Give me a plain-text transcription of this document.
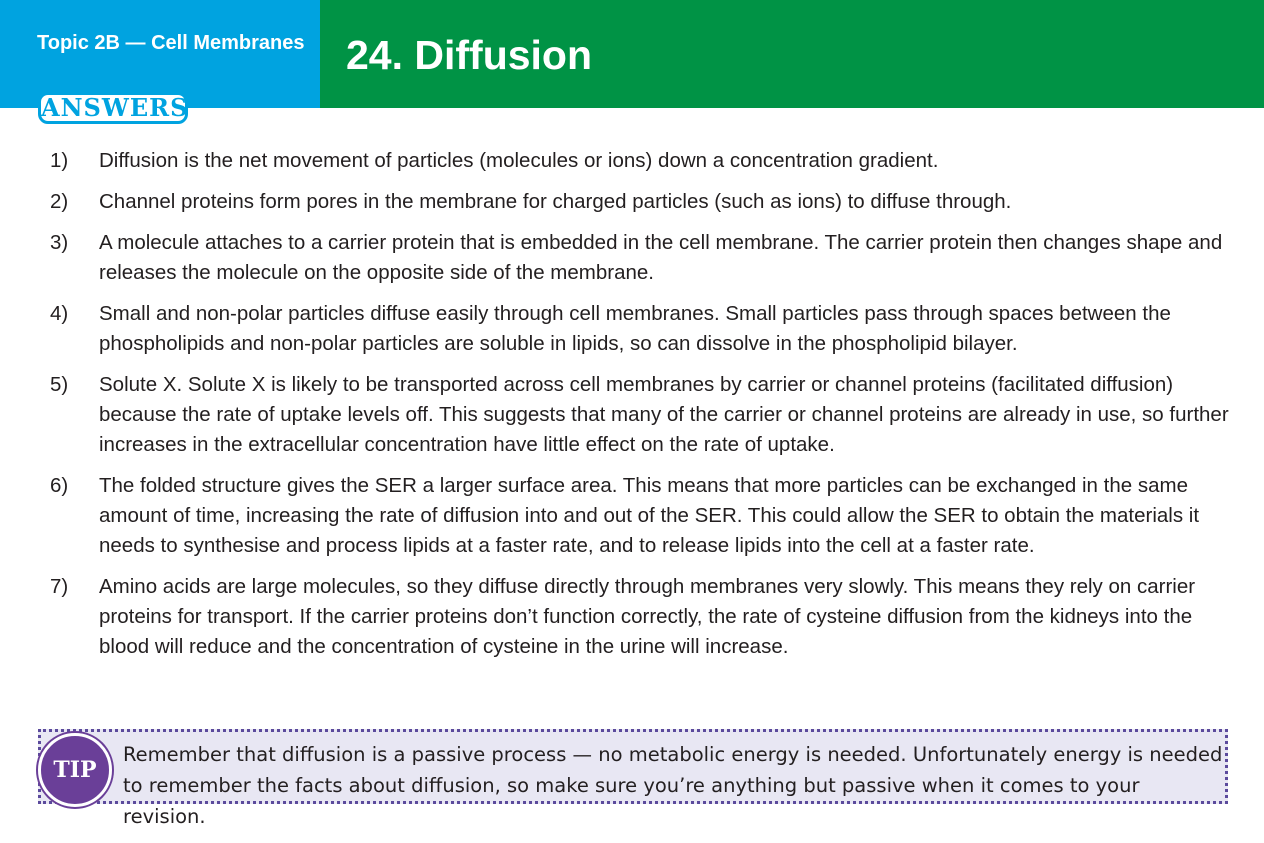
Topic 2B — Cell Membranes
ANSWERS
24. Diffusion
1)	Diffusion is the net movement of particles (molecules or ions) down a concentration gradient.
2)	Channel proteins form pores in the membrane for charged particles (such as ions) to diffuse through.
3)	A molecule attaches to a carrier protein that is embedded in the cell membrane. The carrier protein then changes shape and releases the molecule on the opposite side of the membrane.
4)	Small and non-polar particles diffuse easily through cell membranes. Small particles pass through spaces between the phospholipids and non-polar particles are soluble in lipids, so can dissolve in the phospholipid bilayer.
5)	Solute X. Solute X is likely to be transported across cell membranes by carrier or channel proteins (facilitated diffusion) because the rate of uptake levels off. This suggests that many of the carrier or channel proteins are already in use, so further increases in the extracellular concentration have little effect on the rate of uptake.
6)	The folded structure gives the SER a larger surface area. This means that more particles can be exchanged in the same amount of time, increasing the rate of diffusion into and out of the SER. This could allow the SER to obtain the materials it needs to synthesise and process lipids at a faster rate, and to release lipids into the cell at a faster rate.
7)	Amino acids are large molecules, so they diffuse directly through membranes very slowly. This means they rely on carrier proteins for transport. If the carrier proteins don’t function correctly, the rate of cysteine diffusion from the kidneys into the blood will reduce and the concentration of cysteine in the urine will increase.
TIP
Remember that diffusion is a passive process — no metabolic energy is needed. Unfortunately energy is needed to remember the facts about diffusion, so make sure you’re anything but passive when it comes to your revision.
